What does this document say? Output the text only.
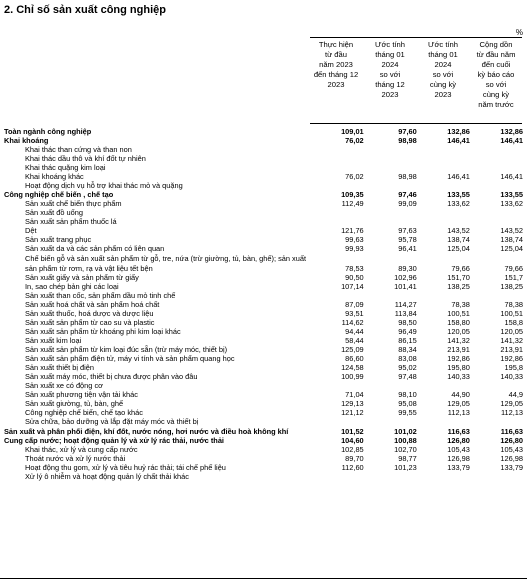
2. Chỉ số sản xuất công nghiệp
%
Thực hiện
từ đầu
năm 2023
đến tháng 12
2023
Ước tính
tháng 01
2024
so với
tháng 12
2023
Ước tính
tháng 01
2024
so với
cùng kỳ
2023
Cộng dồn
từ đầu năm
đến cuối
kỳ báo cáo
so với
cùng kỳ
năm trước
Toàn ngành công nghiệp	109,01	97,60	132,86	132,86
Khai khoáng	76,02	98,98	146,41	146,41
Khai thác than cứng và than non				
Khai thác dầu thô và khí đốt tự nhiên				
Khai thác quặng kim loại				
Khai khoáng khác	76,02	98,98	146,41	146,41
Hoạt động dịch vụ hỗ trợ khai thác mỏ và quặng				
Công nghiệp chế biến , chế tạo	109,35	97,46	133,55	133,55
Sản xuất chế biến thực phẩm	112,49	99,09	133,62	133,62
Sản xuất đồ uống				
Sản xuất sản phẩm thuốc lá				
Dệt	121,76	97,63	143,52	143,52
Sản xuất trang phục	99,63	95,78	138,74	138,74
Sản xuất da và các sản phẩm có liên quan	99,93	96,41	125,04	125,04
Chế biến gỗ và sản xuất sản phẩm từ gỗ, tre, nứa (trừ giường, tủ, bàn, ghế); sản xuất sản phẩm từ rơm, rạ và vật liệu tết bện	78,53	89,30	79,66	79,66
Sản xuất giấy và sản phẩm từ giấy	90,50	102,96	151,70	151,7
In, sao chép bản ghi các loại	107,14	101,41	138,25	138,25
Sản xuất than cốc, sản phẩm dầu mỏ tinh chế				
Sản xuất hoá chất và sản phẩm hoá chất	87,09	114,27	78,38	78,38
Sản xuất thuốc, hoá dược và dược liệu	93,51	113,84	100,51	100,51
Sản xuất sản phẩm từ cao su và plastic	114,62	98,50	158,80	158,8
Sản xuất sản phẩm từ khoáng phi kim loại khác	94,44	96,49	120,05	120,05
Sản xuất kim loại	58,44	86,15	141,32	141,32
Sản xuất sản phẩm từ kim loại đúc sẵn (trừ máy móc, thiết bị)	125,09	88,34	213,91	213,91
Sản xuất sản phẩm điện tử, máy vi tính và sản phẩm quang học	86,60	83,08	192,86	192,86
Sản xuất thiết bị điện	124,58	95,02	195,80	195,8
Sản xuất máy móc, thiết bị chưa được phân vào đâu	100,99	97,48	140,33	140,33
Sản xuất xe có động cơ				
Sản xuất phương tiện vận tải khác	71,04	98,10	44,90	44,9
Sản xuất giường, tủ, bàn, ghế	129,13	95,08	129,05	129,05
Công nghiệp chế biến, chế tạo khác	121,12	99,55	112,13	112,13
Sửa chữa, bảo dưỡng và lắp đặt máy móc và thiết bị				
Sản xuất và phân phối điện, khí đốt, nước nóng, hơi nước và điều hoà không khí	101,52	101,02	116,63	116,63
Cung cấp nước; hoạt động quản lý và xử lý rác thải, nước thải	104,60	100,88	126,80	126,80
Khai thác, xử lý và cung cấp nước	102,85	102,70	105,43	105,43
Thoát nước và xử lý nước thải	89,70	98,77	126,98	126,98
Hoạt động thu gom, xử lý và tiêu huỷ rác thải; tái chế phế liệu	112,60	101,23	133,79	133,79
Xử lý ô nhiễm và hoạt động quản lý chất thải khác				
